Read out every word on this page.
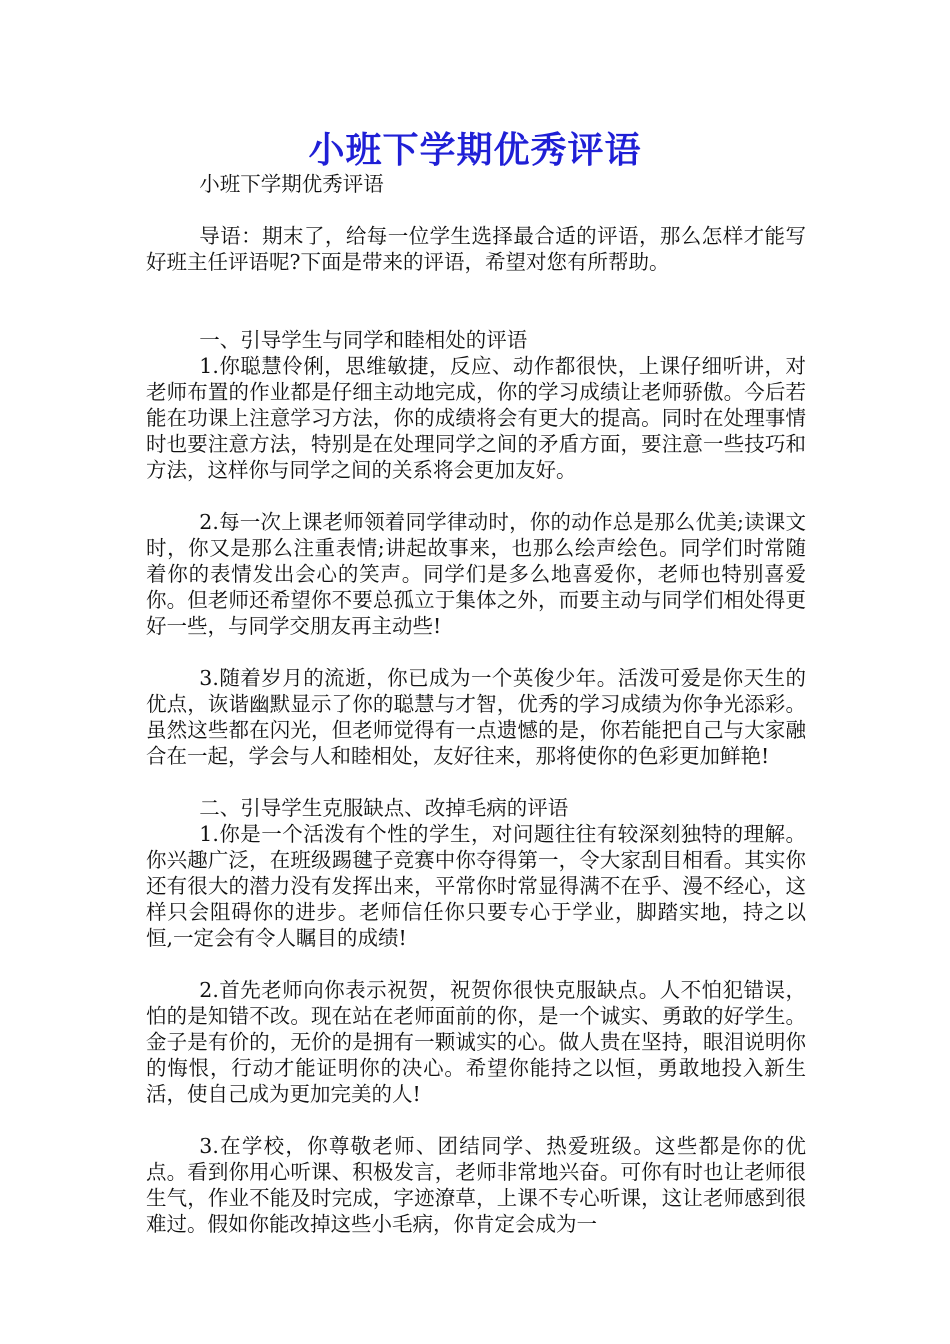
小班下学期优秀评语

小班下学期优秀评语

导语：期末了，给每一位学生选择最合适的评语，那么怎样才能写好班主任评语呢?下面是带来的评语，希望对您有所帮助。

一、引导学生与同学和睦相处的评语

1.你聪慧伶俐，思维敏捷，反应、动作都很快，上课仔细听讲，对老师布置的作业都是仔细主动地完成，你的学习成绩让老师骄傲。今后若能在功课上注意学习方法，你的成绩将会有更大的提高。同时在处理事情时也要注意方法，特别是在处理同学之间的矛盾方面，要注意一些技巧和方法，这样你与同学之间的关系将会更加友好。

2.每一次上课老师领着同学律动时，你的动作总是那么优美;读课文时，你又是那么注重表情;讲起故事来，也那么绘声绘色。同学们时常随着你的表情发出会心的笑声。同学们是多么地喜爱你，老师也特别喜爱你。但老师还希望你不要总孤立于集体之外，而要主动与同学们相处得更好一些，与同学交朋友再主动些!

3.随着岁月的流逝，你已成为一个英俊少年。活泼可爱是你天生的优点，诙谐幽默显示了你的聪慧与才智，优秀的学习成绩为你争光添彩。虽然这些都在闪光，但老师觉得有一点遗憾的是，你若能把自己与大家融合在一起，学会与人和睦相处，友好往来，那将使你的色彩更加鲜艳!

二、引导学生克服缺点、改掉毛病的评语

1.你是一个活泼有个性的学生，对问题往往有较深刻独特的理解。你兴趣广泛，在班级踢毽子竞赛中你夺得第一，令大家刮目相看。其实你还有很大的潜力没有发挥出来，平常你时常显得满不在乎、漫不经心，这样只会阻碍你的进步。老师信任你只要专心于学业，脚踏实地，持之以恒,一定会有令人瞩目的成绩!

2.首先老师向你表示祝贺，祝贺你很快克服缺点。人不怕犯错误，怕的是知错不改。现在站在老师面前的你，是一个诚实、勇敢的好学生。金子是有价的，无价的是拥有一颗诚实的心。做人贵在坚持，眼泪说明你的悔恨，行动才能证明你的决心。希望你能持之以恒，勇敢地投入新生活，使自己成为更加完美的人!

3.在学校，你尊敬老师、团结同学、热爱班级。这些都是你的优点。看到你用心听课、积极发言，老师非常地兴奋。可你有时也让老师很生气，作业不能及时完成，字迹潦草，上课不专心听课，这让老师感到很难过。假如你能改掉这些小毛病，你肯定会成为一
